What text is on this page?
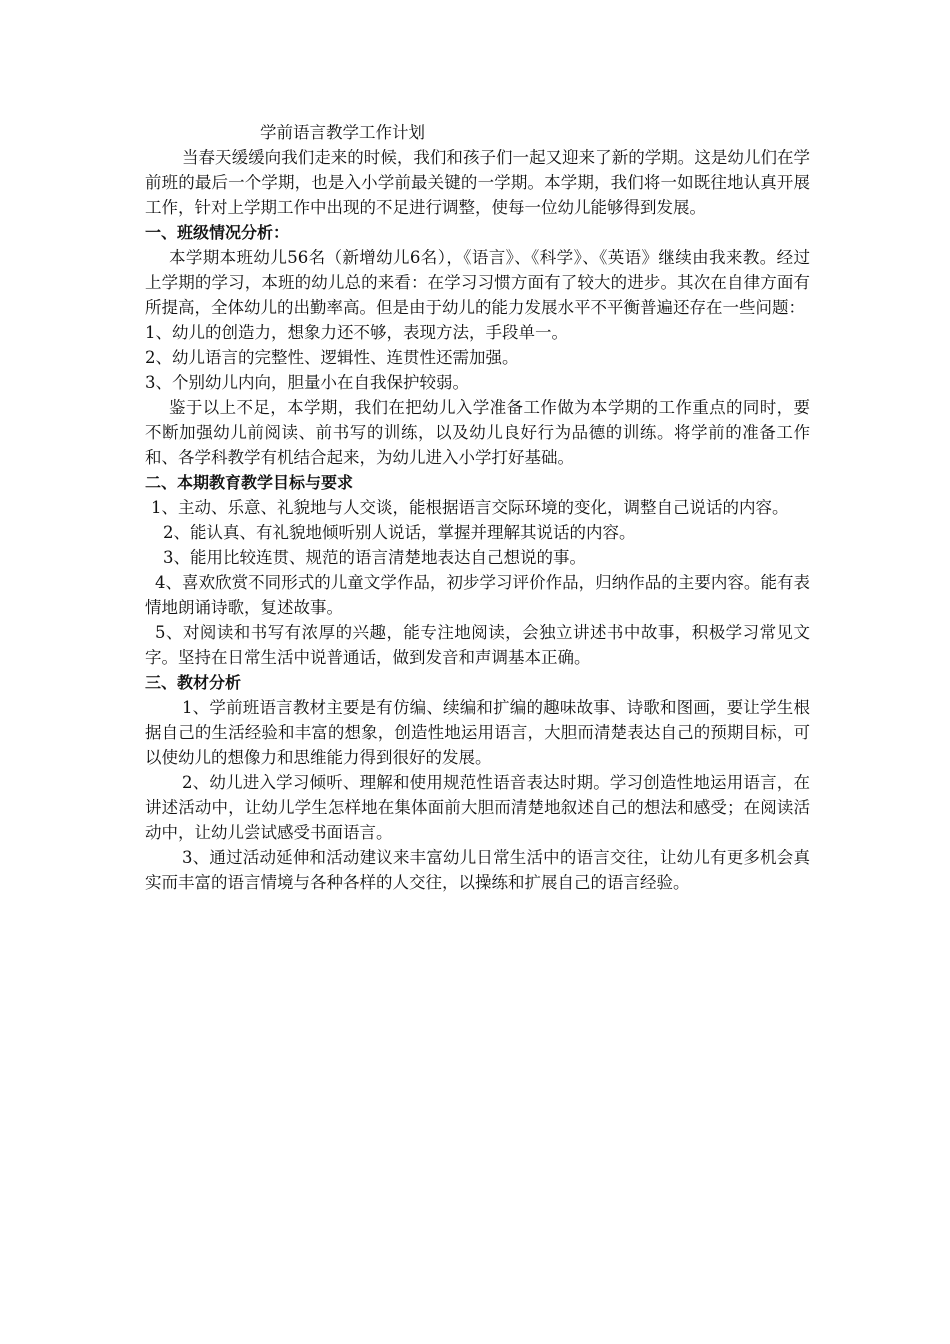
学前语言教学工作计划

当春天缓缓向我们走来的时候，我们和孩子们一起又迎来了新的学期。这是幼儿们在学前班的最后一个学期，也是入小学前最关键的一学期。本学期，我们将一如既往地认真开展工作，针对上学期工作中出现的不足进行调整，使每一位幼儿能够得到发展。

一、班级情况分析：

本学期本班幼儿56名（新增幼儿6名），《语言》、《科学》、《英语》继续由我来教。经过上学期的学习，本班的幼儿总的来看：在学习习惯方面有了较大的进步。其次在自律方面有所提高，全体幼儿的出勤率高。但是由于幼儿的能力发展水平不平衡普遍还存在一些问题：

1、幼儿的创造力，想象力还不够，表现方法，手段单一。

2、幼儿语言的完整性、逻辑性、连贯性还需加强。

3、个别幼儿内向，胆量小在自我保护较弱。

鉴于以上不足，本学期，我们在把幼儿入学准备工作做为本学期的工作重点的同时，要不断加强幼儿前阅读、前书写的训练，以及幼儿良好行为品德的训练。将学前的准备工作和、各学科教学有机结合起来，为幼儿进入小学打好基础。

二、本期教育教学目标与要求

1、主动、乐意、礼貌地与人交谈，能根据语言交际环境的变化，调整自己说话的内容。

2、能认真、有礼貌地倾听别人说话，掌握并理解其说话的内容。

3、能用比较连贯、规范的语言清楚地表达自己想说的事。

4、喜欢欣赏不同形式的儿童文学作品，初步学习评价作品，归纳作品的主要内容。能有表情地朗诵诗歌，复述故事。

5、对阅读和书写有浓厚的兴趣，能专注地阅读，会独立讲述书中故事，积极学习常见文字。坚持在日常生活中说普通话，做到发音和声调基本正确。

三、教材分析

1、学前班语言教材主要是有仿编、续编和扩编的趣味故事、诗歌和图画，要让学生根据自己的生活经验和丰富的想象，创造性地运用语言，大胆而清楚表达自己的预期目标，可以使幼儿的想像力和思维能力得到很好的发展。

2、幼儿进入学习倾听、理解和使用规范性语音表达时期。学习创造性地运用语言，在讲述活动中，让幼儿学生怎样地在集体面前大胆而清楚地叙述自己的想法和感受；在阅读活动中，让幼儿尝试感受书面语言。

3、通过活动延伸和活动建议来丰富幼儿日常生活中的语言交往，让幼儿有更多机会真实而丰富的语言情境与各种各样的人交往，以操练和扩展自己的语言经验。
